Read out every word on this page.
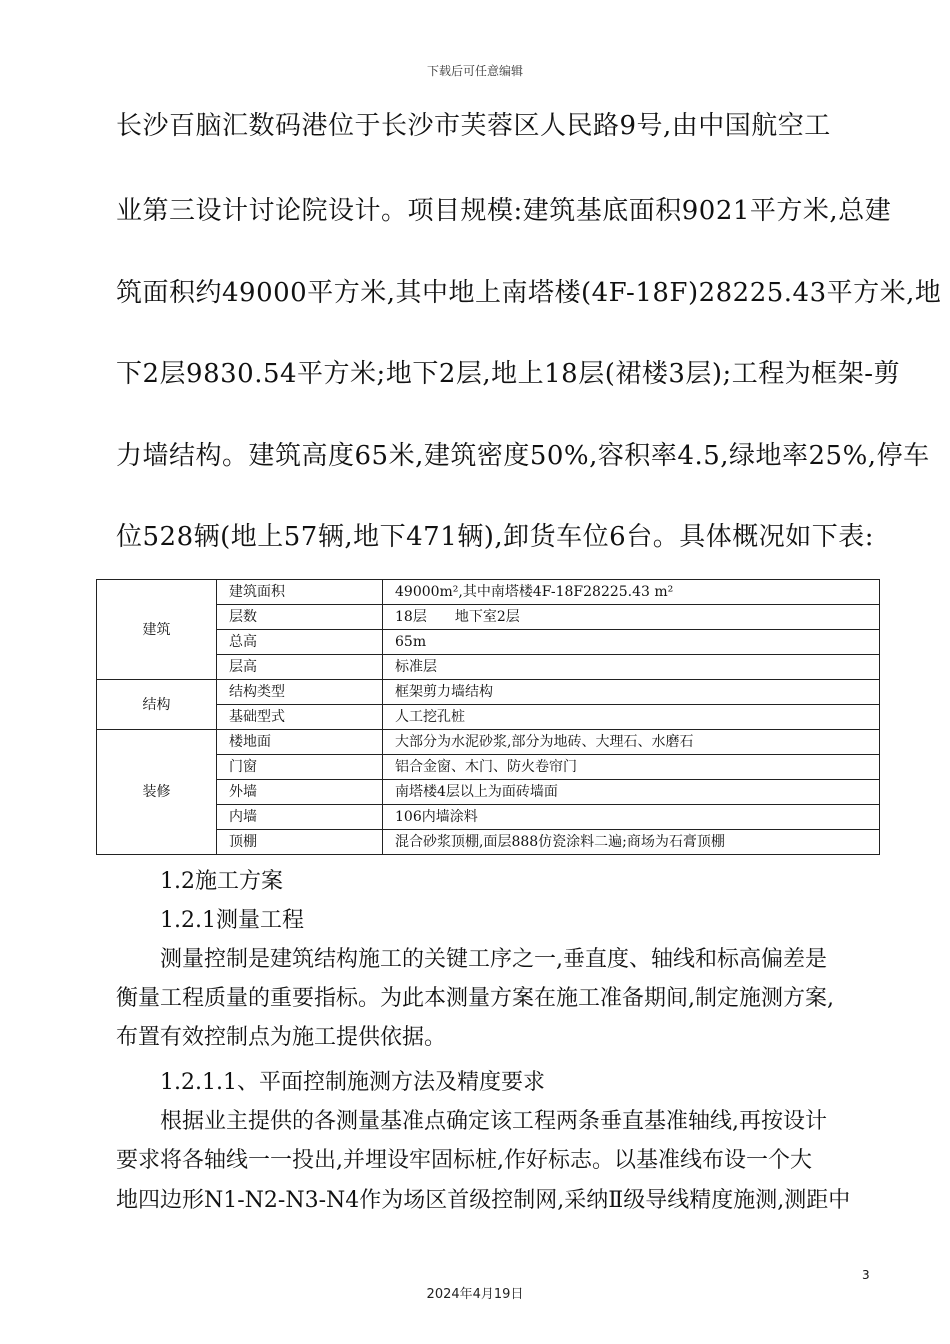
下载后可任意编辑

长沙百脑汇数码港位于长沙市芙蓉区人民路9号,由中国航空工

业第三设计讨论院设计。项目规模:建筑基底面积9021平方米,总建

筑面积约49000平方米,其中地上南塔楼(4F-18F)28225.43平方米,地

下2层9830.54平方米;地下2层,地上18层(裙楼3层);工程为框架-剪

力墙结构。建筑高度65米,建筑密度50%,容积率4.5,绿地率25%,停车

位528辆(地上57辆,地下471辆),卸货车位6台。具体概况如下表:

建筑	建筑面积	49000m²,其中南塔楼4F-18F28225.43 m²
	层数	18层　　地下室2层
	总高	65m
	层高	标准层
结构	结构类型	框架剪力墙结构
	基础型式	人工挖孔桩
装修	楼地面	大部分为水泥砂浆,部分为地砖、大理石、水磨石
	门窗	铝合金窗、木门、防火卷帘门
	外墙	南塔楼4层以上为面砖墙面
	内墙	106内墙涂料
	顶棚	混合砂浆顶棚,面层888仿瓷涂料二遍;商场为石膏顶棚

1.2施工方案

1.2.1测量工程

测量控制是建筑结构施工的关键工序之一,垂直度、轴线和标高偏差是

衡量工程质量的重要指标。为此本测量方案在施工准备期间,制定施测方案,

布置有效控制点为施工提供依据。

1.2.1.1、平面控制施测方法及精度要求

根据业主提供的各测量基准点确定该工程两条垂直基准轴线,再按设计

要求将各轴线一一投出,并埋设牢固标桩,作好标志。以基准线布设一个大

地四边形N1-N2-N3-N4作为场区首级控制网,采纳Ⅱ级导线精度施测,测距中

3
2024年4月19日
